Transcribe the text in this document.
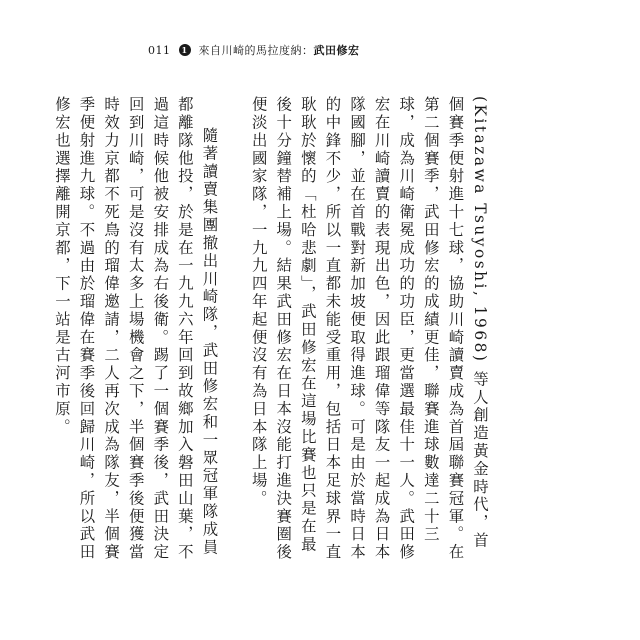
011	1 來自川崎的馬拉度納：武田修宏

(Kitazawa Tsuyoshi, 1968) 等人創造黃金時代，首個賽季便射進十七球，協助川崎讀賣成為首屆聯賽冠軍。在第二個賽季，武田修宏的成績更佳，聯賽進球數達二十三球，成為川崎衛冕成功的功臣，更當選最佳十一人。武田修宏在川崎讀賣的表現出色，因此跟瑠偉等隊友一起成為日本隊國腳，並在首戰對新加坡便取得進球。可是由於當時日本的中鋒不少，所以一直都未能受重用，包括日本足球界一直耿耿於懷的「杜哈悲劇」，武田修宏在這場比賽也只是在最後十分鐘替補上場。結果武田修宏在日本沒能打進決賽圈後便淡出國家隊，一九九四年起便沒有為日本隊上場。

隨著讀賣集團撤出川崎隊，武田修宏和一眾冠軍隊成員都離隊他投，於是在一九九六年回到故鄉加入磐田山葉，不過這時候他被安排成為右後衛。踢了一個賽季後，武田決定回到川崎，可是沒有太多上場機會之下，半個賽季後便獲當時效力京都不死鳥的瑠偉邀請，二人再次成為隊友，半個賽季便射進九球。不過由於瑠偉在賽季後回歸川崎，所以武田修宏也選擇離開京都，下一站是古河市原。
